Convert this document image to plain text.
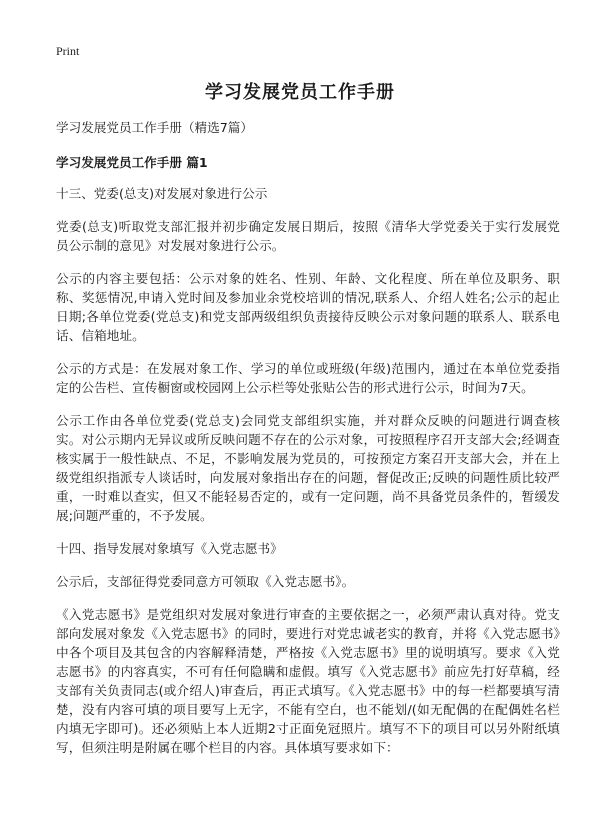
Print
学习发展党员工作手册

学习发展党员工作手册（精选7篇）

学习发展党员工作手册 篇1

十三、党委(总支)对发展对象进行公示

党委(总支)听取党支部汇报并初步确定发展日期后，按照《清华大学党委关于实行发展党员公示制的意见》对发展对象进行公示。

公示的内容主要包括：公示对象的姓名、性别、年龄、文化程度、所在单位及职务、职称、奖惩情况,申请入党时间及参加业余党校培训的情况,联系人、介绍人姓名;公示的起止日期;各单位党委(党总支)和党支部两级组织负责接待反映公示对象问题的联系人、联系电话、信箱地址。

公示的方式是：在发展对象工作、学习的单位或班级(年级)范围内，通过在本单位党委指定的公告栏、宣传橱窗或校园网上公示栏等处张贴公告的形式进行公示，时间为7天。

公示工作由各单位党委(党总支)会同党支部组织实施，并对群众反映的问题进行调查核实。对公示期内无异议或所反映问题不存在的公示对象，可按照程序召开支部大会;经调查核实属于一般性缺点、不足，不影响发展为党员的，可按预定方案召开支部大会，并在上级党组织指派专人谈话时，向发展对象指出存在的问题，督促改正;反映的问题性质比较严重，一时难以查实，但又不能轻易否定的，或有一定问题，尚不具备党员条件的，暂缓发展;问题严重的，不予发展。

十四、指导发展对象填写《入党志愿书》

公示后，支部征得党委同意方可领取《入党志愿书》。

《入党志愿书》是党组织对发展对象进行审查的主要依据之一，必须严肃认真对待。党支部向发展对象发《入党志愿书》的同时，要进行对党忠诚老实的教育，并将《入党志愿书》中各个项目及其包含的内容解释清楚，严格按《入党志愿书》里的说明填写。要求《入党志愿书》的内容真实，不可有任何隐瞒和虚假。填写《入党志愿书》前应先打好草稿，经支部有关负责同志(或介绍人)审查后，再正式填写。《入党志愿书》中的每一栏都要填写清楚，没有内容可填的项目要写上无字，不能有空白，也不能划/(如无配偶的在配偶姓名栏内填无字即可)。还必须贴上本人近期2寸正面免冠照片。填写不下的项目可以另外附纸填写，但须注明是附属在哪个栏目的内容。具体填写要求如下：
